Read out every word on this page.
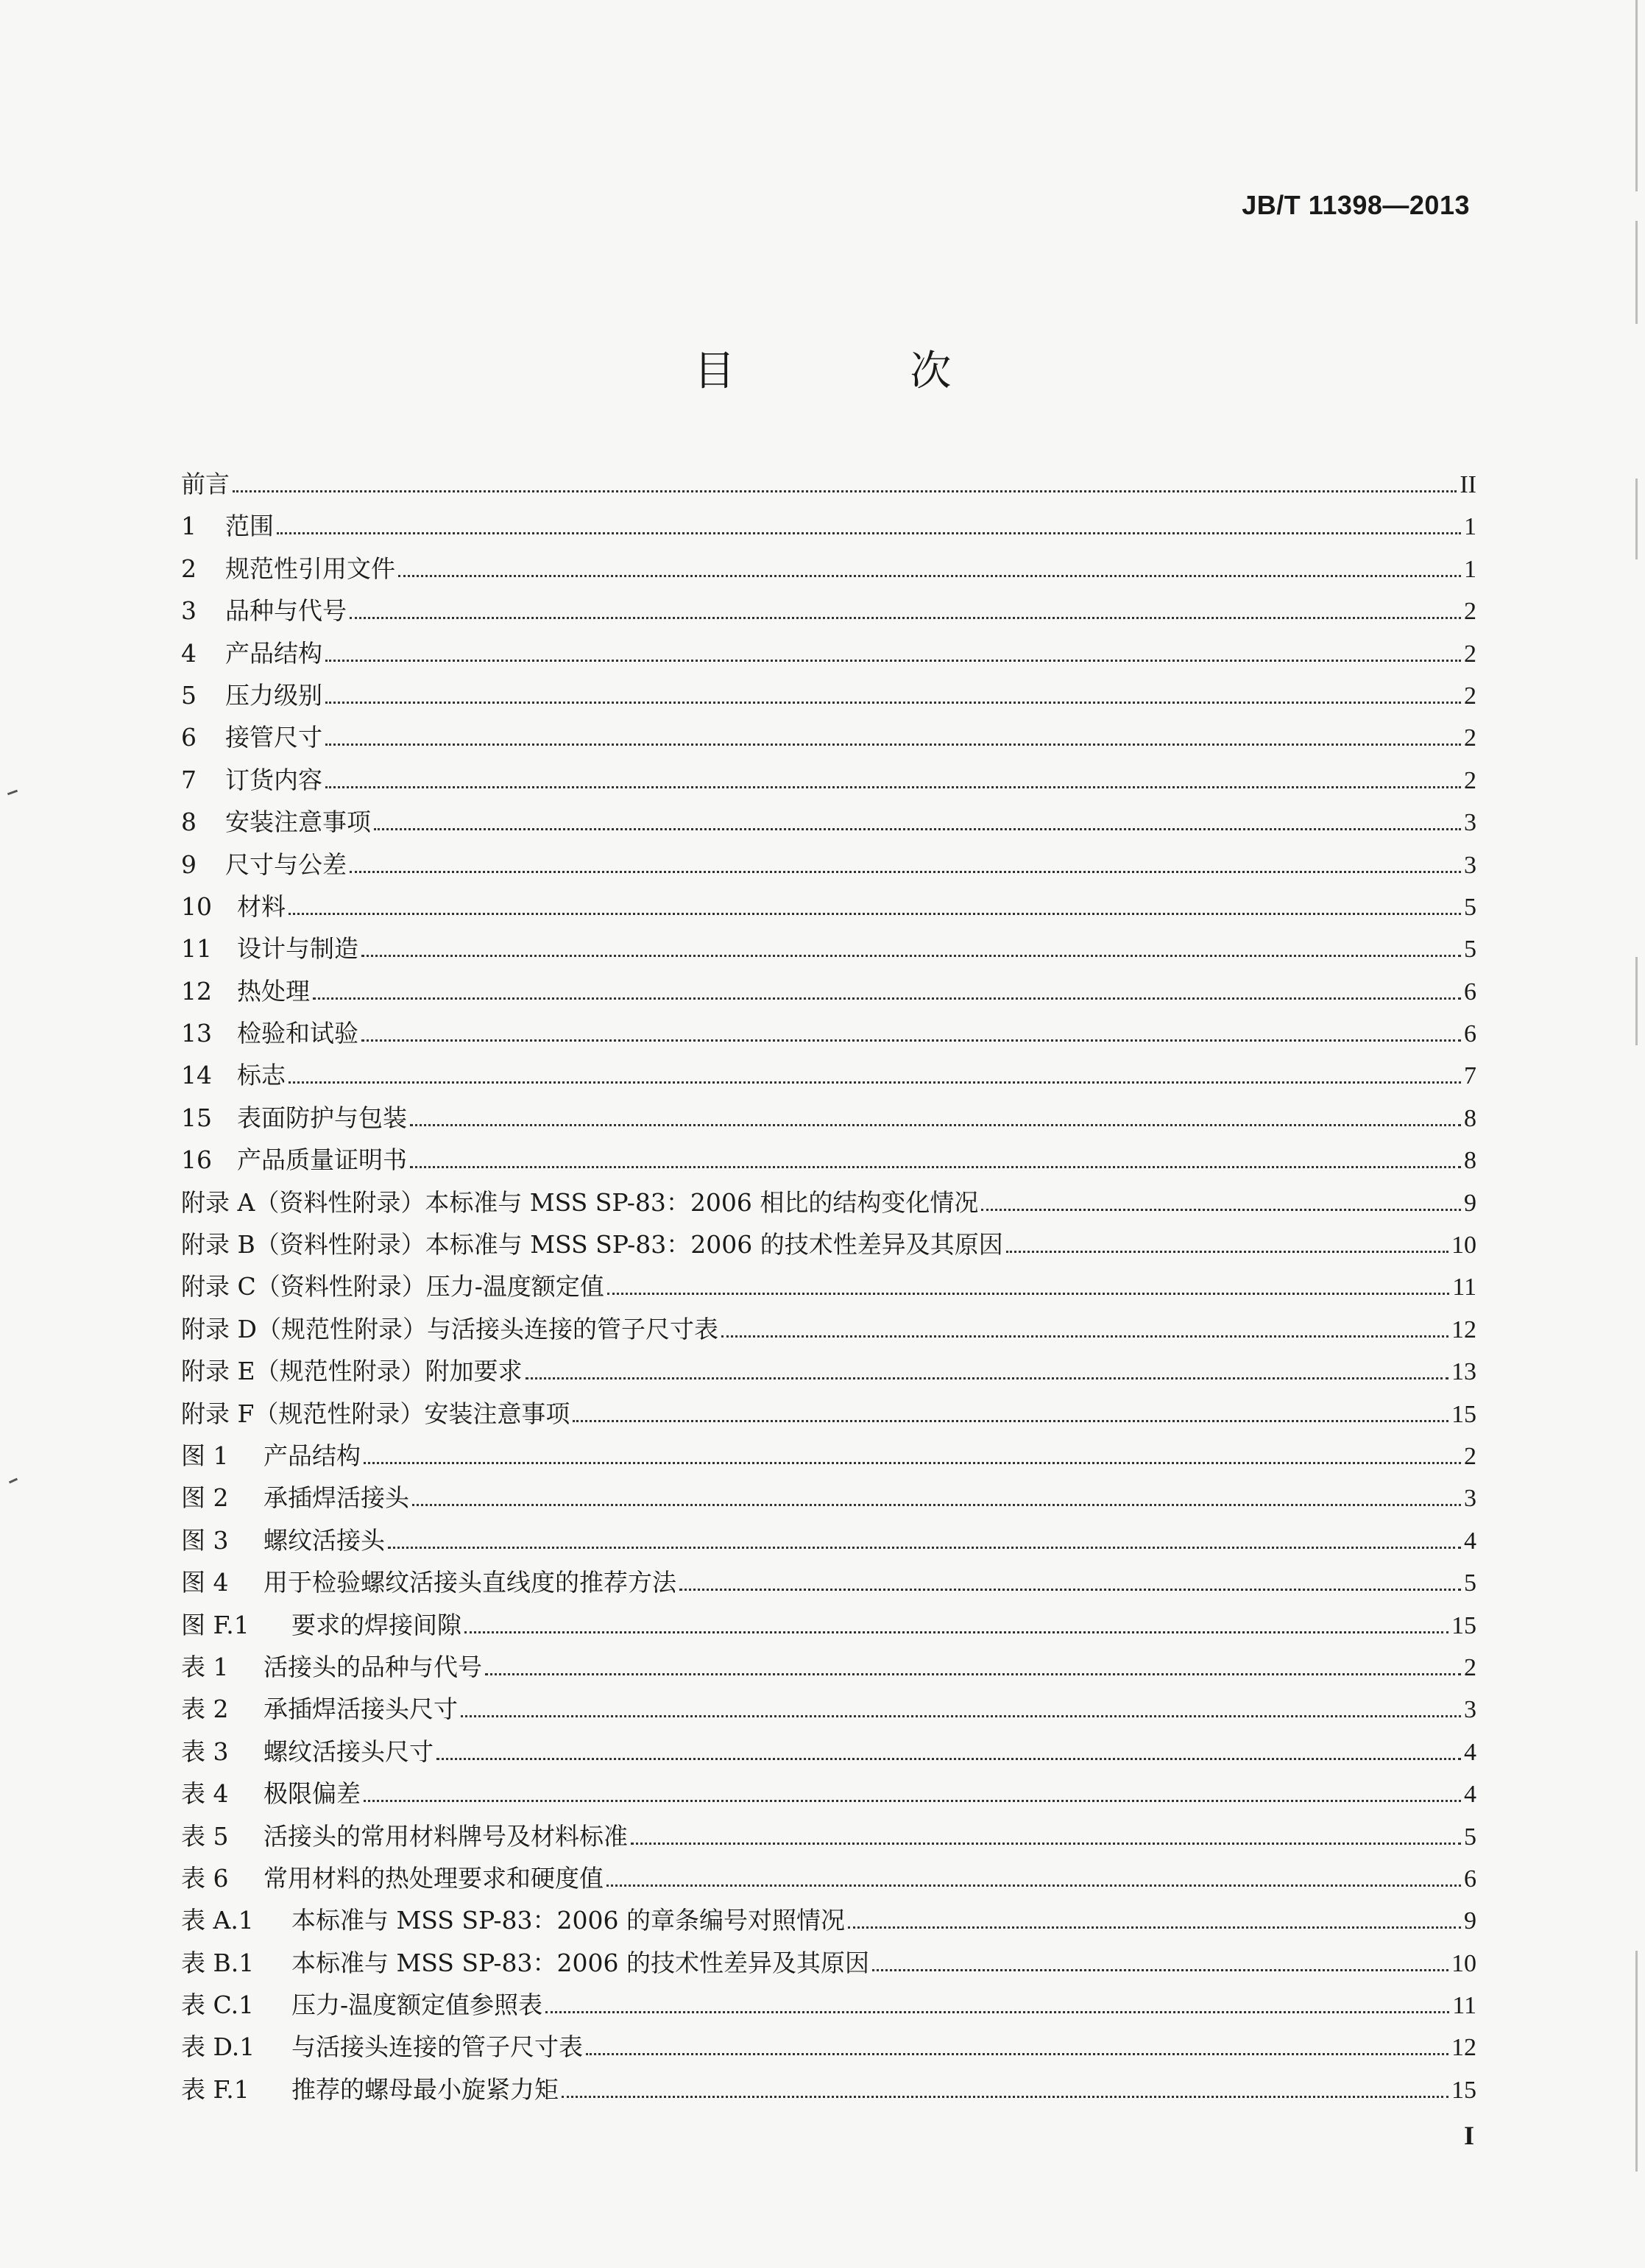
JB/T 11398—2013
目 次
前言	II
1	范围	1
2	规范性引用文件	1
3	品种与代号	2
4	产品结构	2
5	压力级别	2
6	接管尺寸	2
7	订货内容	2
8	安装注意事项	3
9	尺寸与公差	3
10	材料	5
11	设计与制造	5
12	热处理	6
13	检验和试验	6
14	标志	7
15	表面防护与包装	8
16	产品质量证明书	8
附录 A（资料性附录）本标准与 MSS SP-83：2006 相比的结构变化情况	9
附录 B（资料性附录）本标准与 MSS SP-83：2006 的技术性差异及其原因	10
附录 C（资料性附录）压力-温度额定值	11
附录 D（规范性附录）与活接头连接的管子尺寸表	12
附录 E（规范性附录）附加要求	13
附录 F（规范性附录）安装注意事项	15
图 1	产品结构	2
图 2	承插焊活接头	3
图 3	螺纹活接头	4
图 4	用于检验螺纹活接头直线度的推荐方法	5
图 F.1	要求的焊接间隙	15
表 1	活接头的品种与代号	2
表 2	承插焊活接头尺寸	3
表 3	螺纹活接头尺寸	4
表 4	极限偏差	4
表 5	活接头的常用材料牌号及材料标准	5
表 6	常用材料的热处理要求和硬度值	6
表 A.1	本标准与 MSS SP-83：2006 的章条编号对照情况	9
表 B.1	本标准与 MSS SP-83：2006 的技术性差异及其原因	10
表 C.1	压力-温度额定值参照表	11
表 D.1	与活接头连接的管子尺寸表	12
表 F.1	推荐的螺母最小旋紧力矩	15
I
